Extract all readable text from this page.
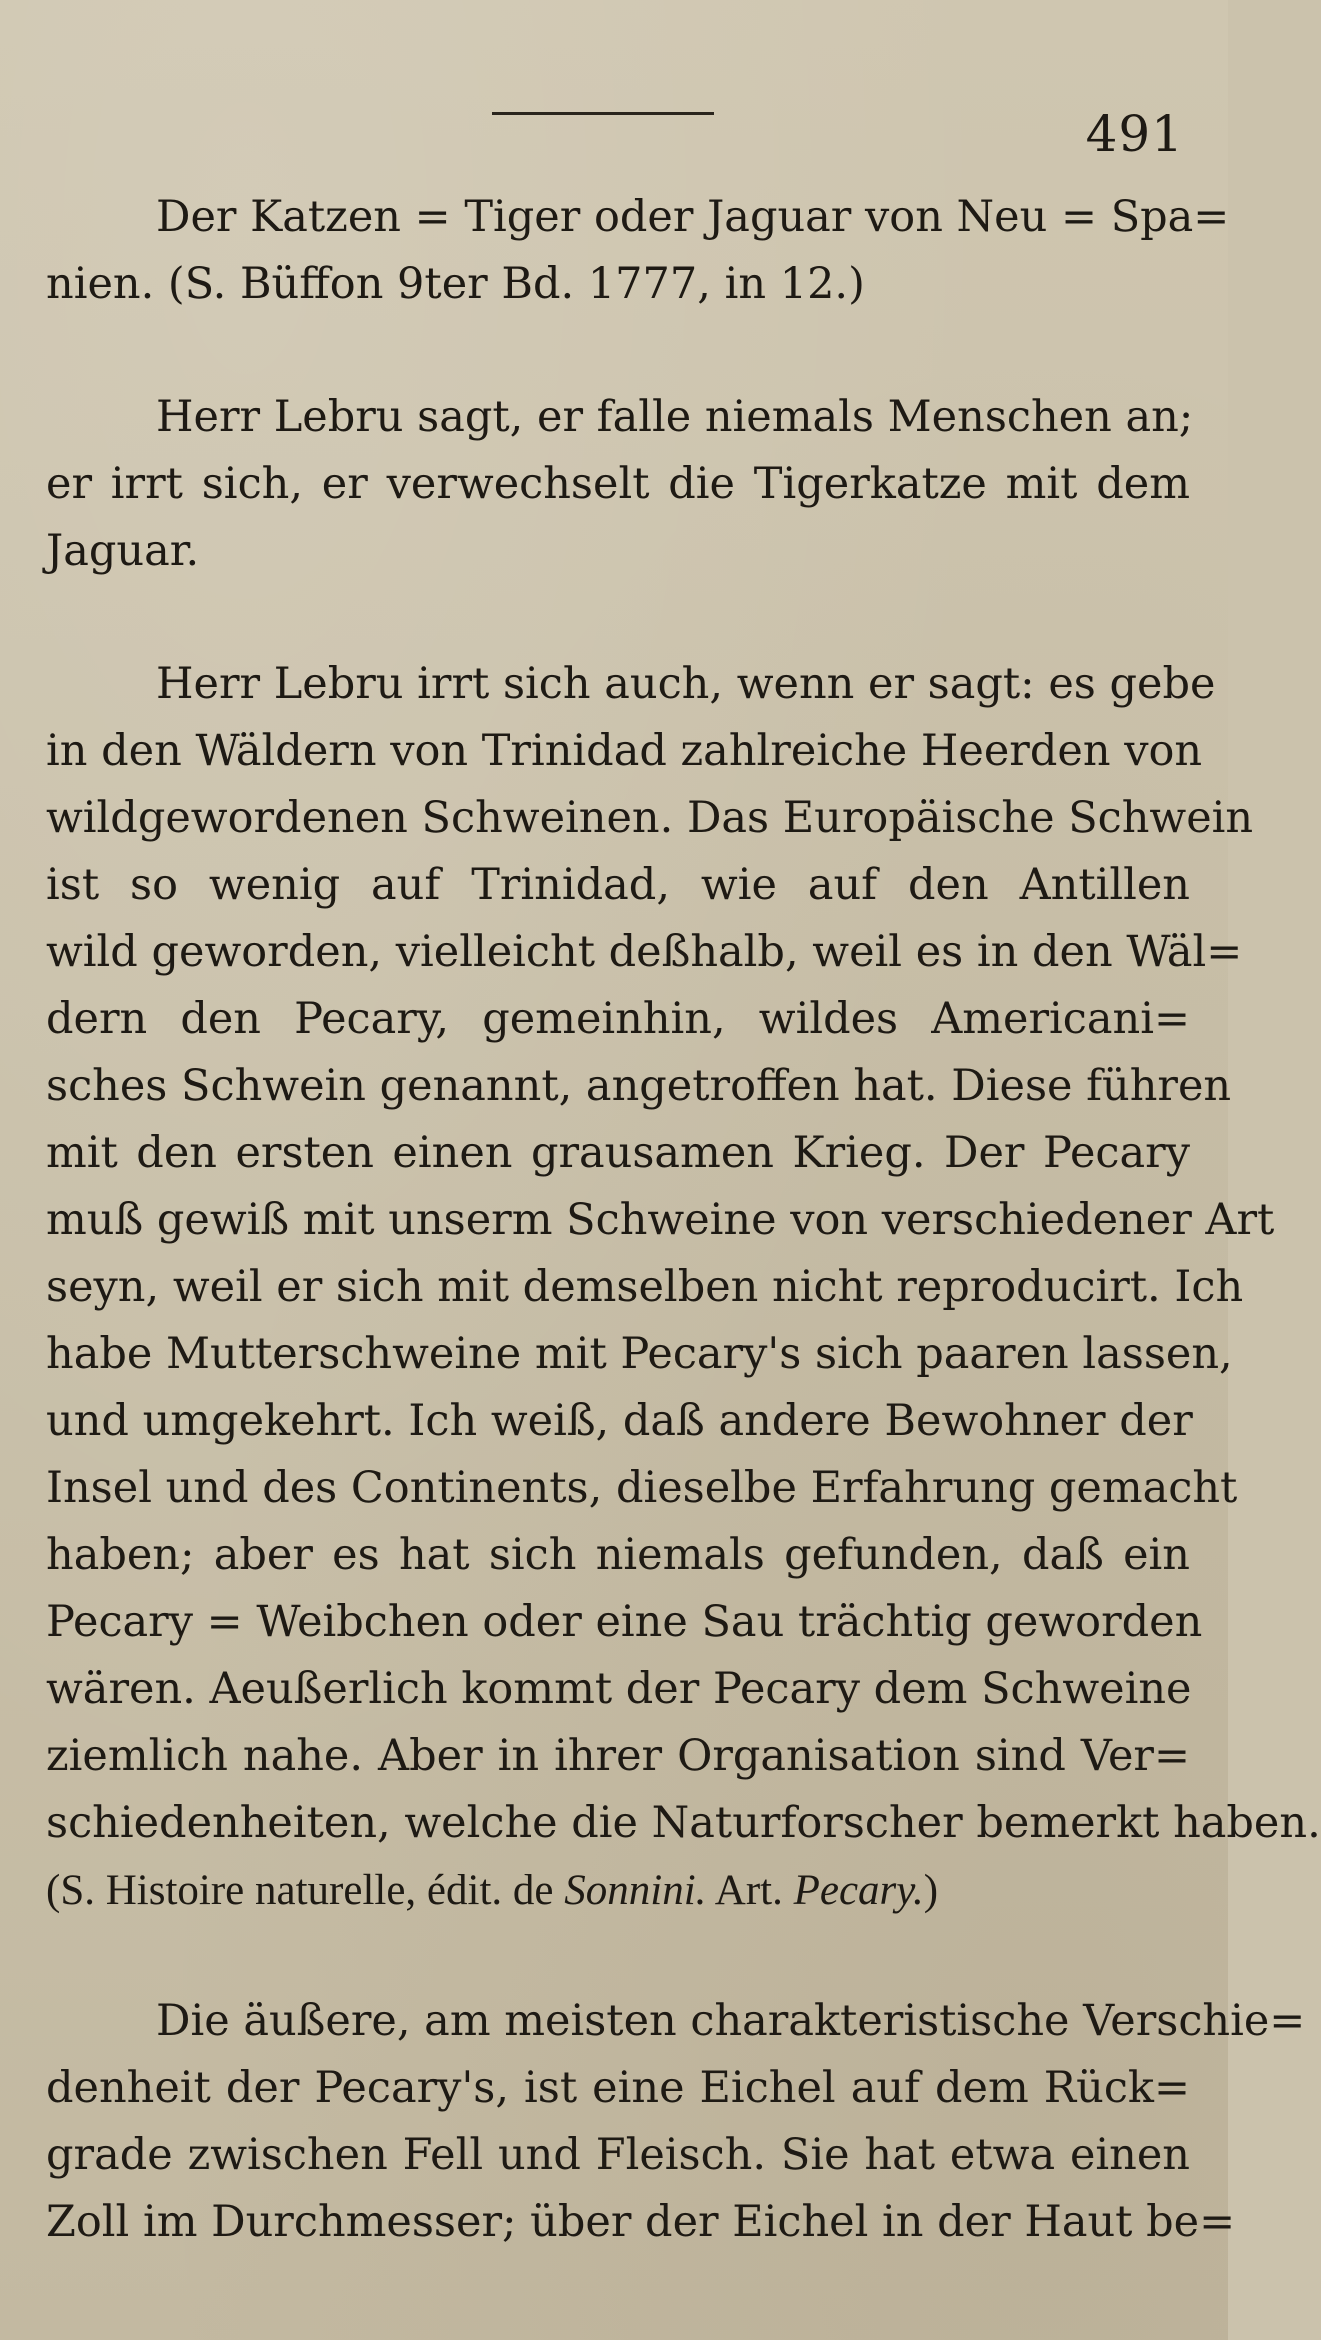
491

Der Katzen = Tiger oder Jaguar von Neu = Spa=
nien. (S. Büffon 9ter Bd. 1777, in 12.)

Herr Lebru sagt, er falle niemals Menschen an;
er irrt sich, er verwechselt die Tigerkatze mit dem
Jaguar.

Herr Lebru irrt sich auch, wenn er sagt: es gebe
in den Wäldern von Trinidad zahlreiche Heerden von
wildgewordenen Schweinen. Das Europäische Schwein
ist so wenig auf Trinidad, wie auf den Antillen
wild geworden, vielleicht deßhalb, weil es in den Wäl=
dern den Pecary, gemeinhin, wildes Americani=
sches Schwein genannt, angetroffen hat. Diese führen
mit den ersten einen grausamen Krieg. Der Pecary
muß gewiß mit unserm Schweine von verschiedener Art
seyn, weil er sich mit demselben nicht reproducirt. Ich
habe Mutterschweine mit Pecary's sich paaren lassen,
und umgekehrt. Ich weiß, daß andere Bewohner der
Insel und des Continents, dieselbe Erfahrung gemacht
haben; aber es hat sich niemals gefunden, daß ein
Pecary = Weibchen oder eine Sau trächtig geworden
wären. Aeußerlich kommt der Pecary dem Schweine
ziemlich nahe. Aber in ihrer Organisation sind Ver=
schiedenheiten, welche die Naturforscher bemerkt haben.
(S. Histoire naturelle, édit. de Sonnini. Art. Pecary.)

Die äußere, am meisten charakteristische Verschie=
denheit der Pecary's, ist eine Eichel auf dem Rück=
grade zwischen Fell und Fleisch. Sie hat etwa einen
Zoll im Durchmesser; über der Eichel in der Haut be=
